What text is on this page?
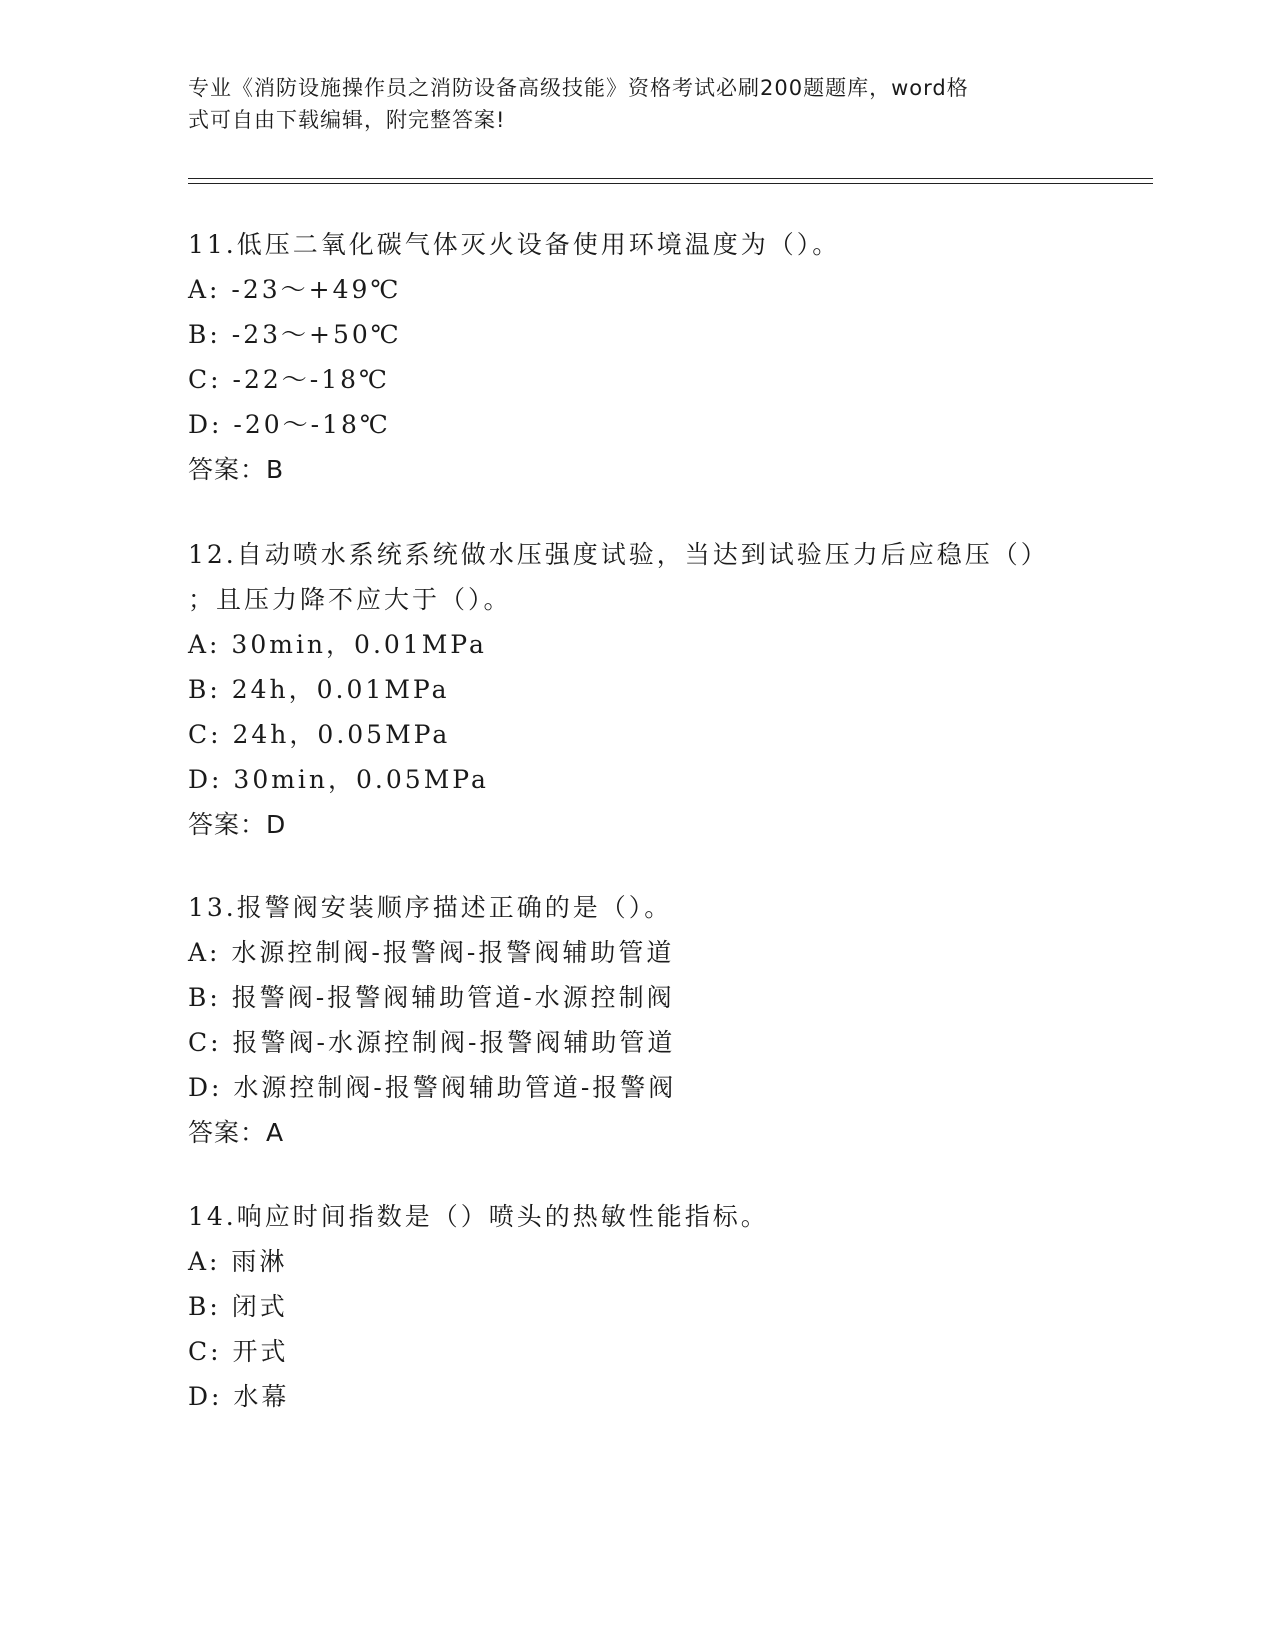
专业《消防设施操作员之消防设备高级技能》资格考试必刷200题题库，word格
式可自由下载编辑，附完整答案!
11.低压二氧化碳气体灭火设备使用环境温度为（）。
A: -23～+49℃
B: -23～+50℃
C: -22～-18℃
D: -20～-18℃
答案：B
12.自动喷水系统系统做水压强度试验，当达到试验压力后应稳压（）
；且压力降不应大于（）。
A: 30min，0.01MPa
B: 24h，0.01MPa
C: 24h，0.05MPa
D: 30min，0.05MPa
答案：D
13.报警阀安装顺序描述正确的是（）。
A: 水源控制阀-报警阀-报警阀辅助管道
B: 报警阀-报警阀辅助管道-水源控制阀
C: 报警阀-水源控制阀-报警阀辅助管道
D: 水源控制阀-报警阀辅助管道-报警阀
答案：A
14.响应时间指数是（）喷头的热敏性能指标。
A: 雨淋
B: 闭式
C: 开式
D: 水幕
